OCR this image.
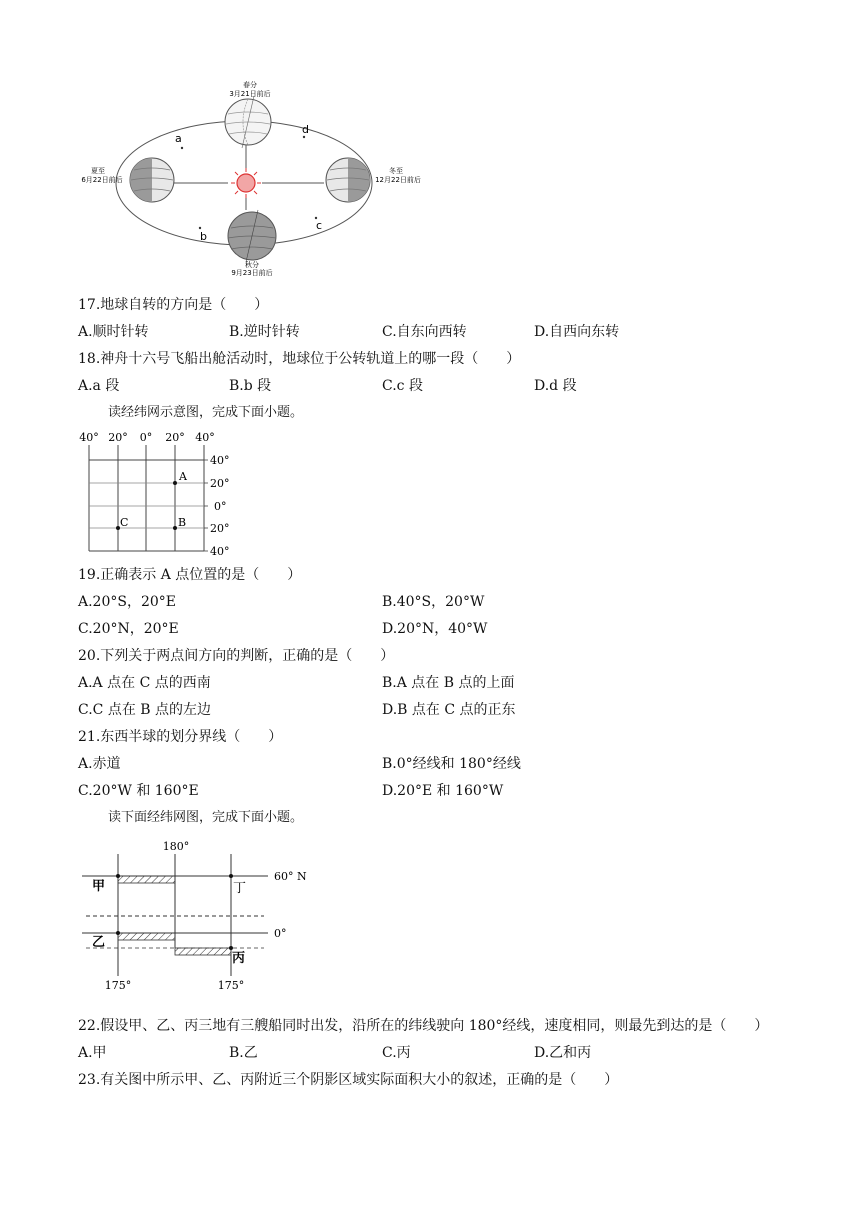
春分
3月21日前后
夏至
6月22日前后
冬至
12月22日前后
秋分
9月23日前后
a
d
b
c
17.地球自转的方向是（　　）
A.顺时针转	B.逆时针转	C.自东向西转	D.自西向东转
18.神舟十六号飞船出舱活动时，地球位于公转轨道上的哪一段（　　）
A.a 段	B.b 段	C.c 段	D.d 段
读经纬网示意图，完成下面小题。
40° 20° 0° 20° 40°
40°
20°
0°
20°
40°
A
C	B
19.正确表示 A 点位置的是（　　）
A.20°S，20°E	B.40°S，20°W
C.20°N，20°E	D.20°N，40°W
20.下列关于两点间方向的判断，正确的是（　　）
A.A 点在 C 点的西南	B.A 点在 B 点的上面
C.C 点在 B 点的左边	D.B 点在 C 点的正东
21.东西半球的划分界线（　　）
A.赤道	B.0°经线和 180°经线
C.20°W 和 160°E	D.20°E 和 160°W
读下面经纬网图，完成下面小题。
180°
60° N
0°
甲
乙
丙
丁
175°	175°
22.假设甲、乙、丙三地有三艘船同时出发，沿所在的纬线驶向 180°经线，速度相同，则最先到达的是（　　）
A.甲	B.乙	C.丙	D.乙和丙
23.有关图中所示甲、乙、丙附近三个阴影区域实际面积大小的叙述，正确的是（　　）
